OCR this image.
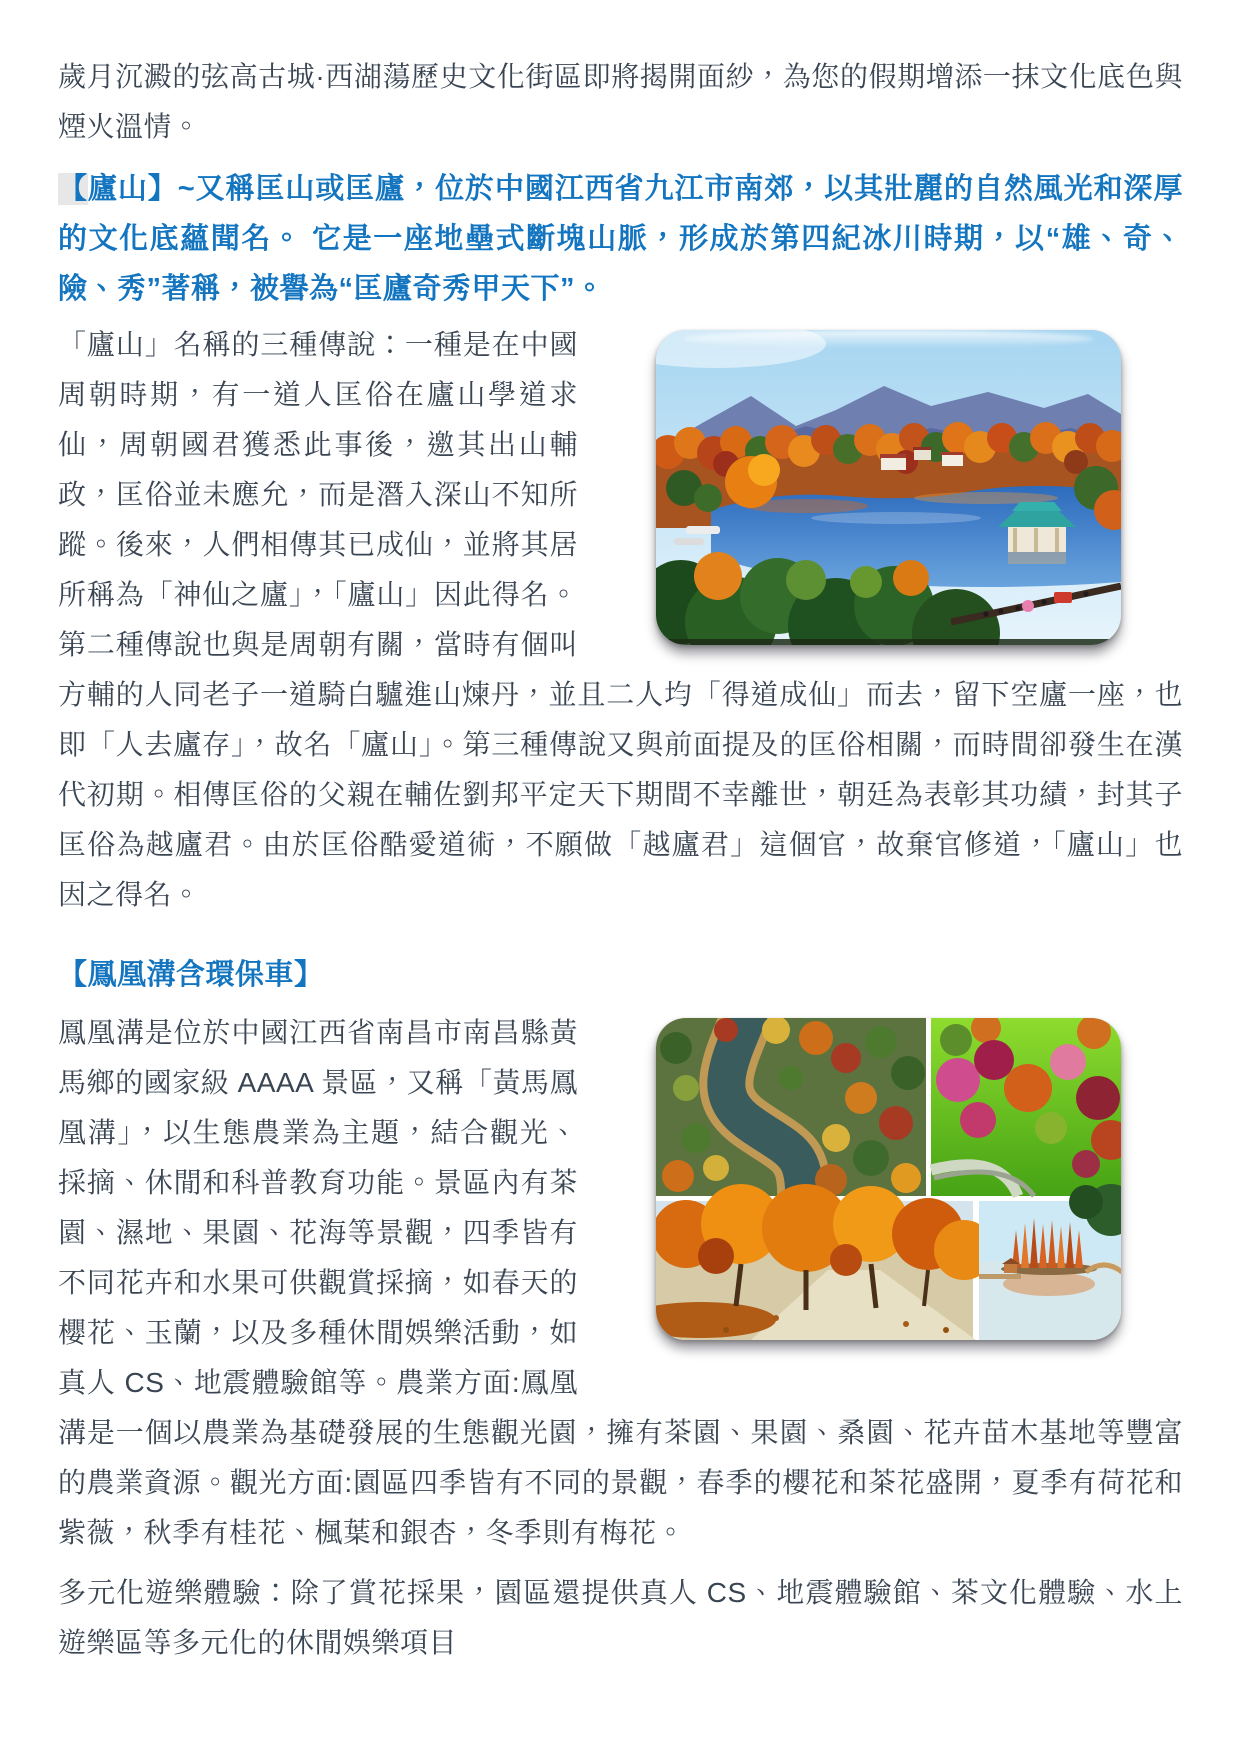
歲月沉澱的弦高古城·西湖蕩歷史文化街區即將揭開面紗，為您的假期增添一抹文化底色與煙火溫情。

【廬山】~又稱匡山或匡廬，位於中國江西省九江市南郊，以其壯麗的自然風光和深厚的文化底蘊聞名。 它是一座地壘式斷塊山脈，形成於第四紀冰川時期，以“雄、奇、險、秀”著稱，被譽為“匡廬奇秀甲天下”。

「廬山」名稱的三種傳說：一種是在中國周朝時期，有一道人匡俗在廬山學道求仙，周朝國君獲悉此事後，邀其出山輔政，匡俗並未應允，而是潛入深山不知所蹤。後來，人們相傳其已成仙，並將其居所稱為「神仙之廬」，「廬山」因此得名。第二種傳說也與是周朝有關，當時有個叫方輔的人同老子一道騎白驢進山煉丹，並且二人均「得道成仙」而去，留下空廬一座，也即「人去廬存」，故名「廬山」。第三種傳說又與前面提及的匡俗相關，而時間卻發生在漢代初期。相傳匡俗的父親在輔佐劉邦平定天下期間不幸離世，朝廷為表彰其功績，封其子匡俗為越廬君。由於匡俗酷愛道術，不願做「越廬君」這個官，故棄官修道，「廬山」也因之得名。

【鳳凰溝含環保車】

鳳凰溝是位於中國江西省南昌市南昌縣黃馬鄉的國家級 AAAA 景區，又稱「黃馬鳳凰溝」，以生態農業為主題，結合觀光、採摘、休閒和科普教育功能。景區內有茶園、濕地、果園、花海等景觀，四季皆有不同花卉和水果可供觀賞採摘，如春天的櫻花、玉蘭，以及多種休閒娛樂活動，如真人 CS、地震體驗館等。農業方面:鳳凰溝是一個以農業為基礎發展的生態觀光園，擁有茶園、果園、桑園、花卉苗木基地等豐富的農業資源。觀光方面:園區四季皆有不同的景觀，春季的櫻花和茶花盛開，夏季有荷花和紫薇，秋季有桂花、楓葉和銀杏，冬季則有梅花。

多元化遊樂體驗：除了賞花採果，園區還提供真人 CS、地震體驗館、茶文化體驗、水上遊樂區等多元化的休閒娛樂項目
